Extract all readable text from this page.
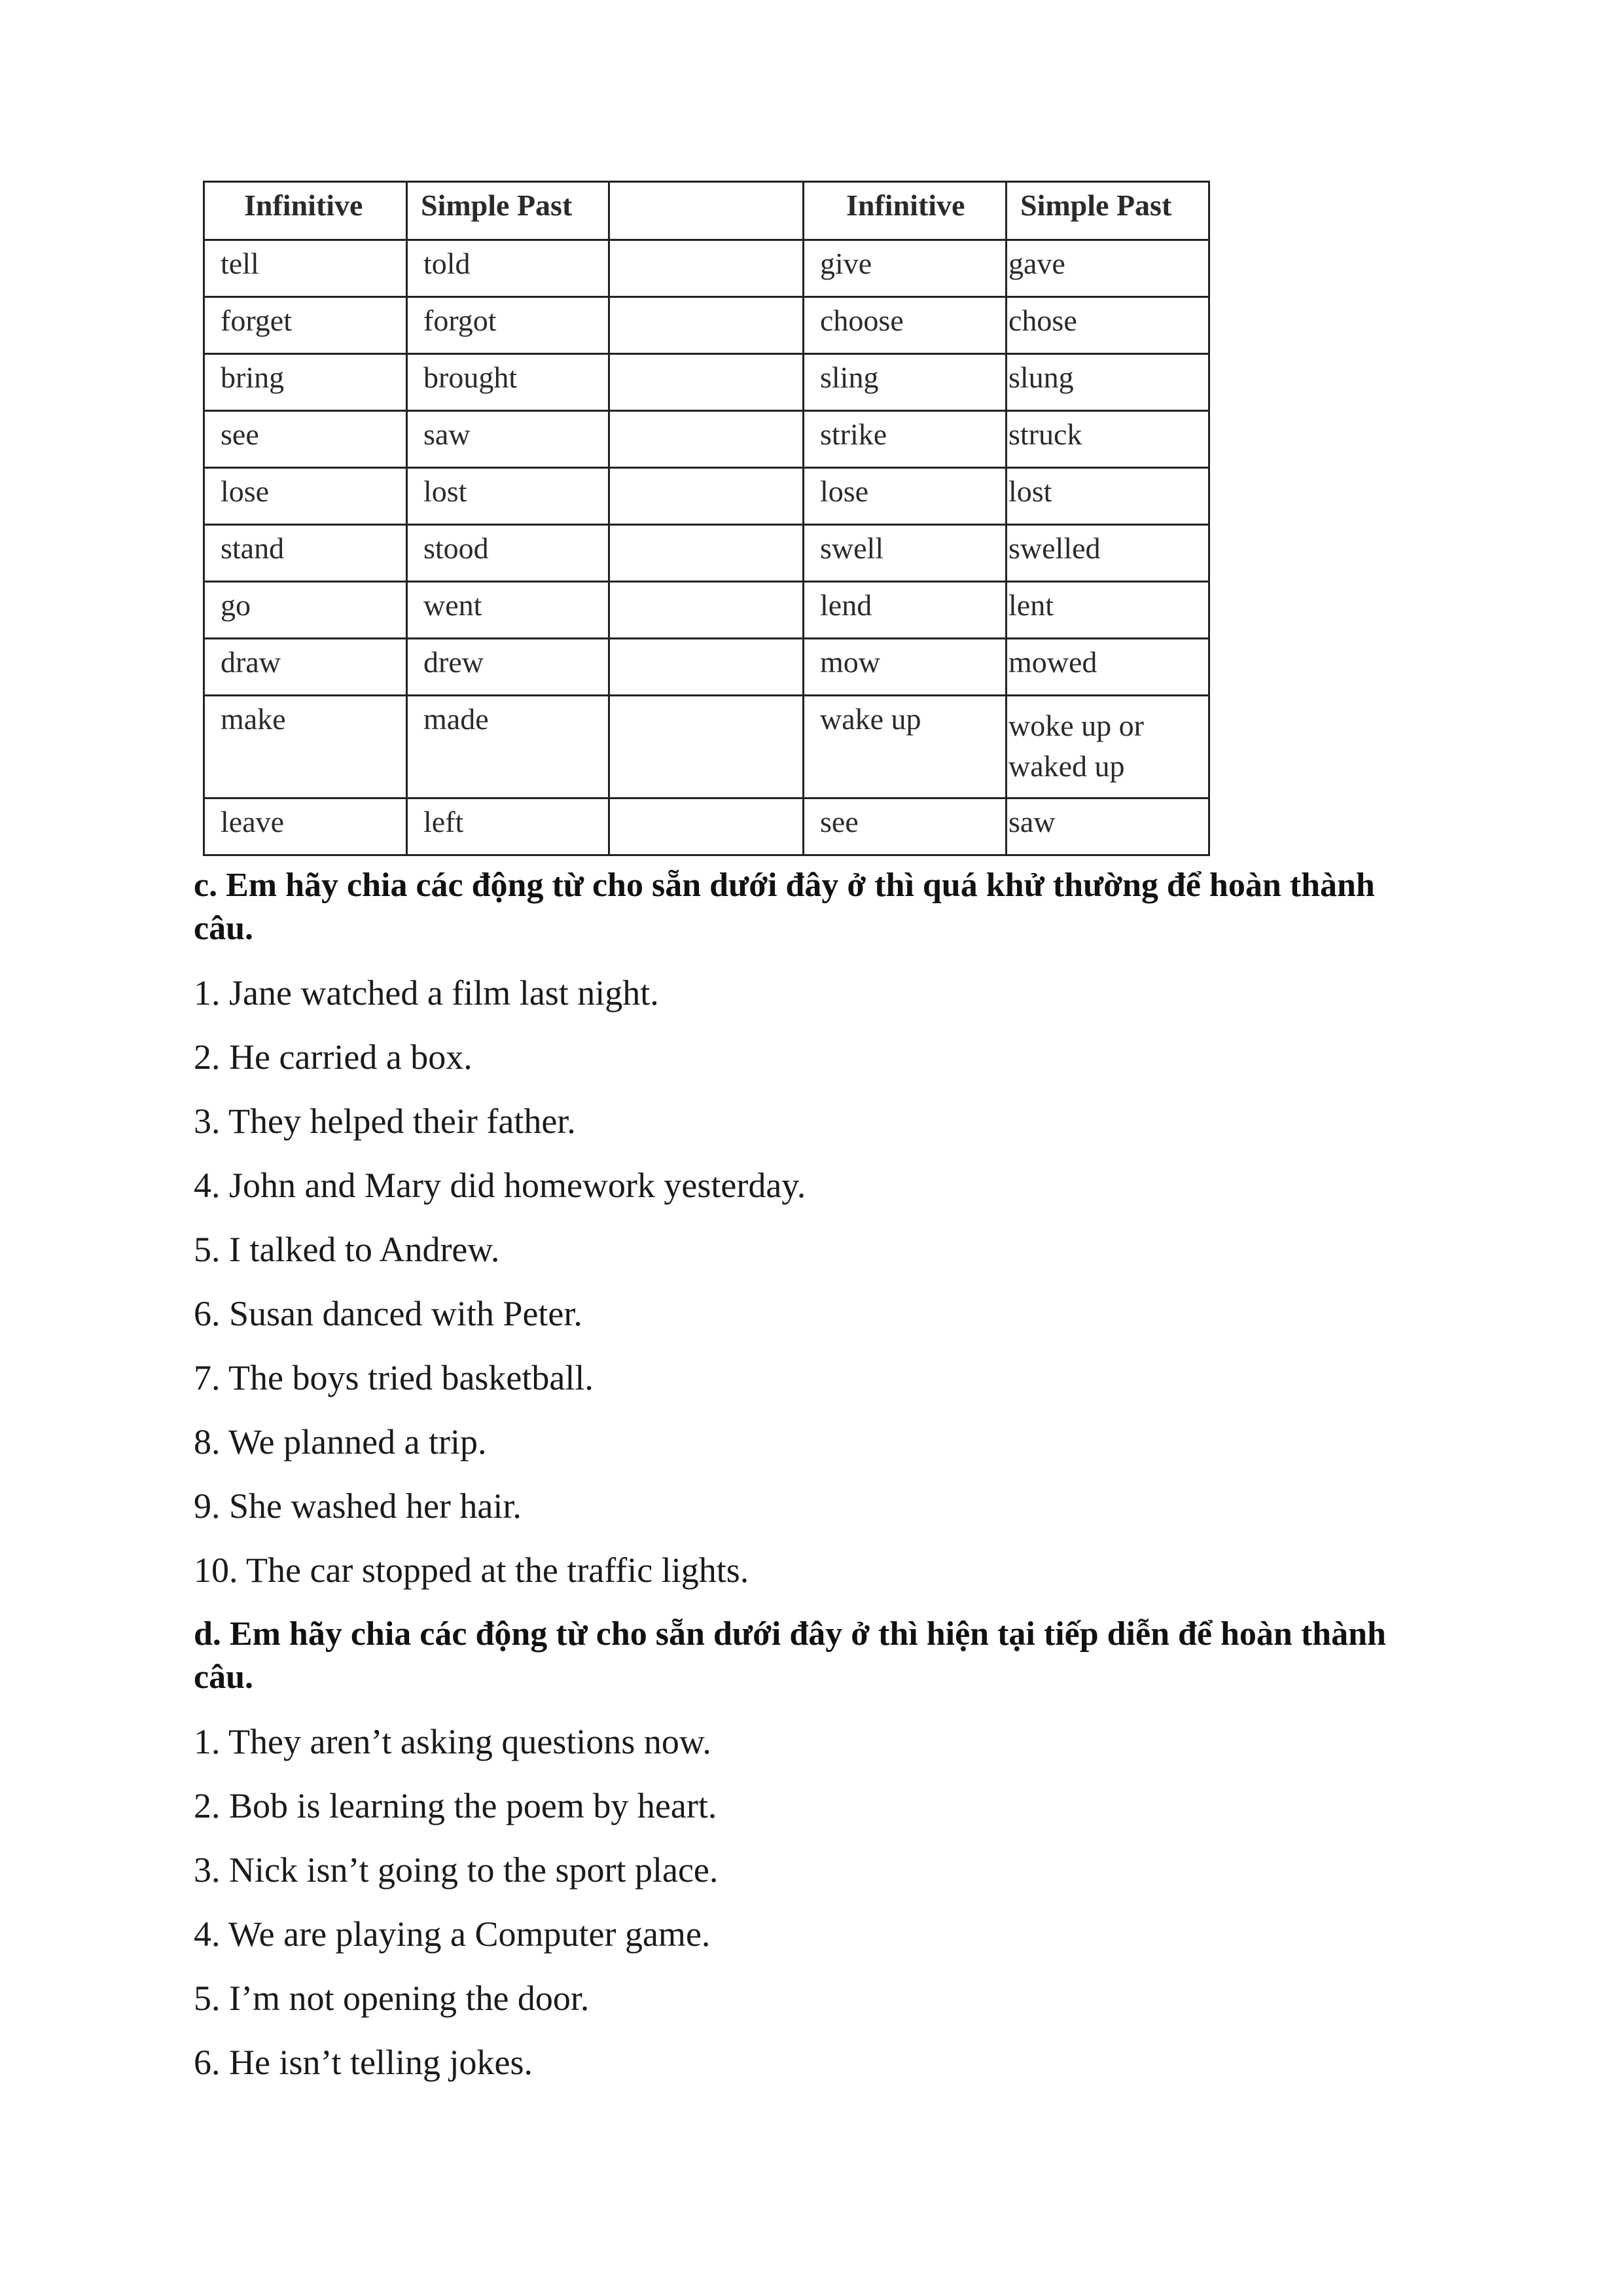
Infinitive	Simple Past		Infinitive	Simple Past
tell	told		give	gave
forget	forgot		choose	chose
bring	brought		sling	slung
see	saw		strike	struck
lose	lost		lose	lost
stand	stood		swell	swelled
go	went		lend	lent
draw	drew		mow	mowed
make	made		wake up	woke up or waked up
leave	left		see	saw
c. Em hãy chia các động từ cho sẵn dưới đây ở thì quá khử thường để hoàn thành câu.
1. Jane watched a film last night.
2. He carried a box.
3. They helped their father.
4. John and Mary did homework yesterday.
5. I talked to Andrew.
6. Susan danced with Peter.
7. The boys tried basketball.
8. We planned a trip.
9. She washed her hair.
10. The car stopped at the traffic lights.
d. Em hãy chia các động từ cho sẵn dưới đây ở thì hiện tại tiếp diễn để hoàn thành câu.
1. They aren’t asking questions now.
2. Bob is learning the poem by heart.
3. Nick isn’t going to the sport place.
4. We are playing a Computer game.
5. I’m not opening the door.
6. He isn’t telling jokes.
